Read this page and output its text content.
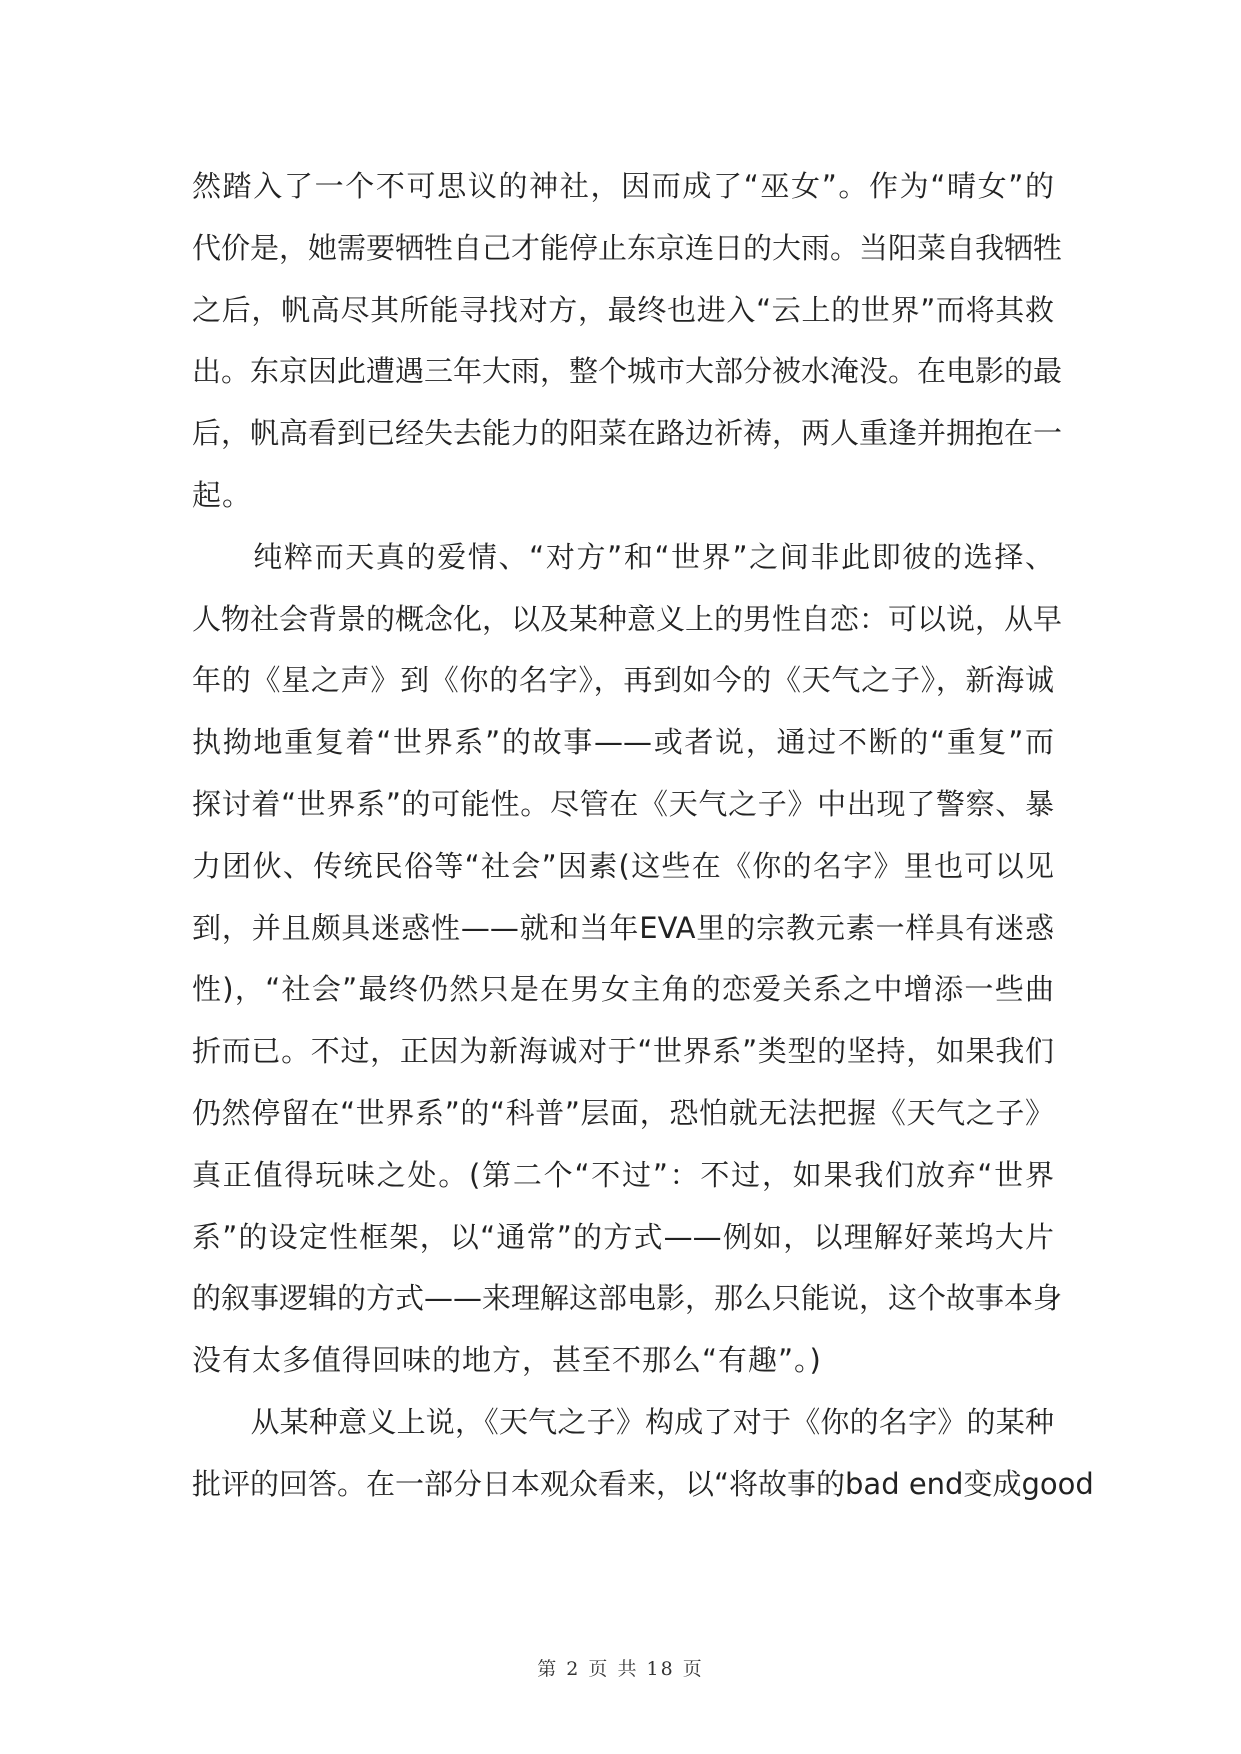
然踏入了一个不可思议的神社，因而成了“巫女”。作为“晴女”的
代价是，她需要牺牲自己才能停止东京连日的大雨。当阳菜自我牺牲
之后，帆高尽其所能寻找对方，最终也进入“云上的世界”而将其救
出。东京因此遭遇三年大雨，整个城市大部分被水淹没。在电影的最
后，帆高看到已经失去能力的阳菜在路边祈祷，两人重逢并拥抱在一
起。
　　纯粹而天真的爱情、“对方”和“世界”之间非此即彼的选择、
人物社会背景的概念化，以及某种意义上的男性自恋：可以说，从早
年的《星之声》到《你的名字》，再到如今的《天气之子》，新海诚
执拗地重复着“世界系”的故事——或者说，通过不断的“重复”而
探讨着“世界系”的可能性。尽管在《天气之子》中出现了警察、暴
力团伙、传统民俗等“社会”因素(这些在《你的名字》里也可以见
到，并且颇具迷惑性——就和当年EVA里的宗教元素一样具有迷惑
性)，“社会”最终仍然只是在男女主角的恋爱关系之中增添一些曲
折而已。不过，正因为新海诚对于“世界系”类型的坚持，如果我们
仍然停留在“世界系”的“科普”层面，恐怕就无法把握《天气之子》
真正值得玩味之处。(第二个“不过”：不过，如果我们放弃“世界
系”的设定性框架，以“通常”的方式——例如，以理解好莱坞大片
的叙事逻辑的方式——来理解这部电影，那么只能说，这个故事本身
没有太多值得回味的地方，甚至不那么“有趣”。)
　　从某种意义上说，《天气之子》构成了对于《你的名字》的某种
批评的回答。在一部分日本观众看来，以“将故事的bad end变成good
第 2 页 共 18 页
